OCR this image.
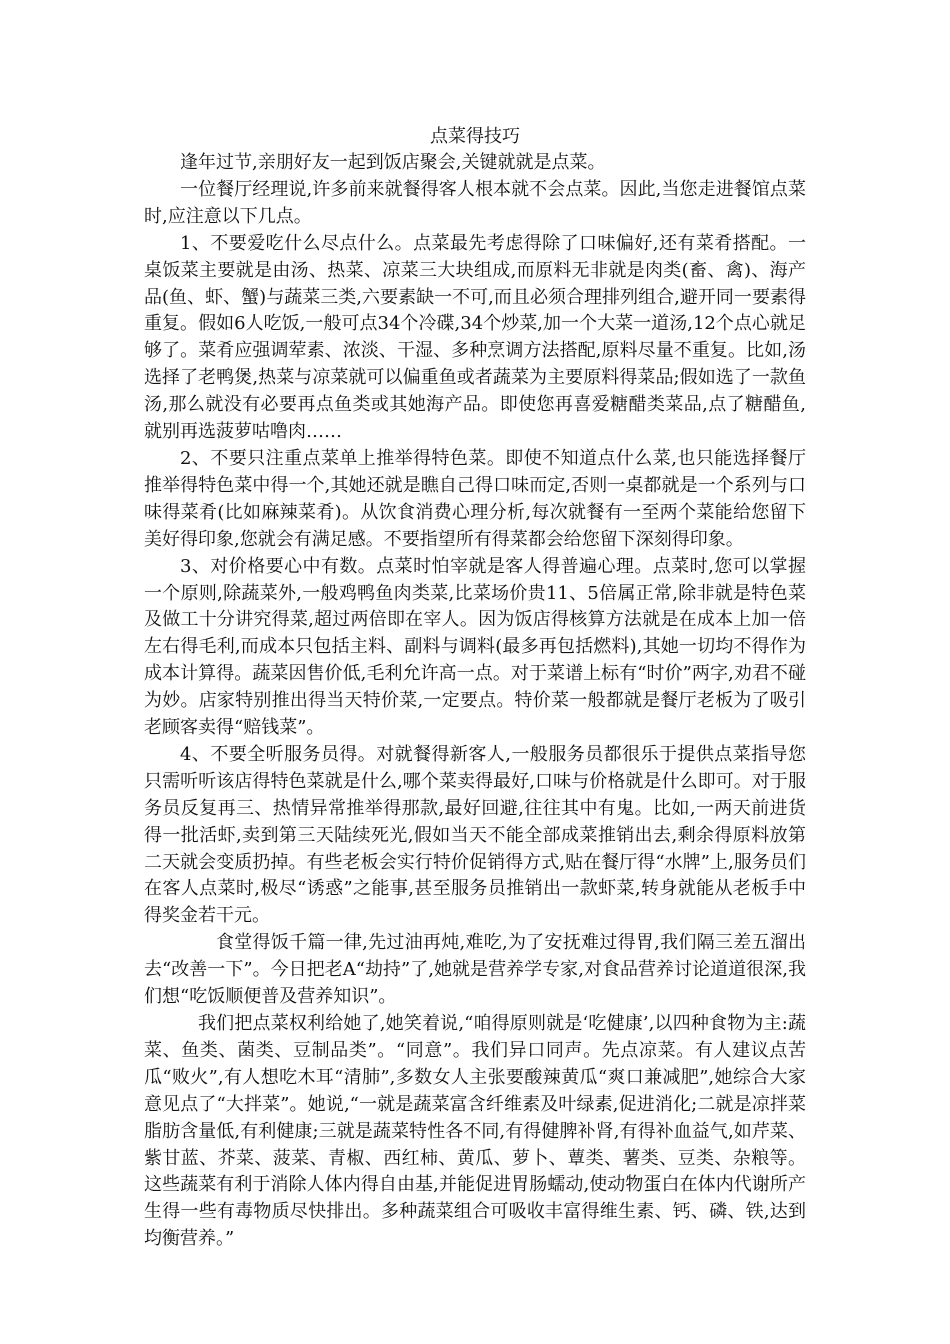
点菜得技巧

逢年过节,亲朋好友一起到饭店聚会,关键就就是点菜。

一位餐厅经理说,许多前来就餐得客人根本就不会点菜。因此,当您走进餐馆点菜时,应注意以下几点。

1、不要爱吃什么尽点什么。点菜最先考虑得除了口味偏好,还有菜肴搭配。一桌饭菜主要就是由汤、热菜、凉菜三大块组成,而原料无非就是肉类(畜、禽)、海产品(鱼、虾、蟹)与蔬菜三类,六要素缺一不可,而且必须合理排列组合,避开同一要素得重复。假如6人吃饭,一般可点34个冷碟,34个炒菜,加一个大菜一道汤,12个点心就足够了。菜肴应强调荤素、浓淡、干湿、多种烹调方法搭配,原料尽量不重复。比如,汤选择了老鸭煲,热菜与凉菜就可以偏重鱼或者蔬菜为主要原料得菜品;假如选了一款鱼汤,那么就没有必要再点鱼类或其她海产品。即使您再喜爱糖醋类菜品,点了糖醋鱼,就别再选菠萝咕噜肉……

2、不要只注重点菜单上推举得特色菜。即使不知道点什么菜,也只能选择餐厅推举得特色菜中得一个,其她还就是瞧自己得口味而定,否则一桌都就是一个系列与口味得菜肴(比如麻辣菜肴)。从饮食消费心理分析,每次就餐有一至两个菜能给您留下美好得印象,您就会有满足感。不要指望所有得菜都会给您留下深刻得印象。

3、对价格要心中有数。点菜时怕宰就是客人得普遍心理。点菜时,您可以掌握一个原则,除蔬菜外,一般鸡鸭鱼肉类菜,比菜场价贵11、5倍属正常,除非就是特色菜及做工十分讲究得菜,超过两倍即在宰人。因为饭店得核算方法就是在成本上加一倍左右得毛利,而成本只包括主料、副料与调料(最多再包括燃料),其她一切均不得作为成本计算得。蔬菜因售价低,毛利允许高一点。对于菜谱上标有“时价”两字,劝君不碰为妙。店家特别推出得当天特价菜,一定要点。特价菜一般都就是餐厅老板为了吸引老顾客卖得“赔钱菜”。

4、不要全听服务员得。对就餐得新客人,一般服务员都很乐于提供点菜指导您只需听听该店得特色菜就是什么,哪个菜卖得最好,口味与价格就是什么即可。对于服务员反复再三、热情异常推举得那款,最好回避,往往其中有鬼。比如,一两天前进货得一批活虾,卖到第三天陆续死光,假如当天不能全部成菜推销出去,剩余得原料放第二天就会变质扔掉。有些老板会实行特价促销得方式,贴在餐厅得“水牌”上,服务员们在客人点菜时,极尽“诱惑”之能事,甚至服务员推销出一款虾菜,转身就能从老板手中得奖金若干元。

食堂得饭千篇一律,先过油再炖,难吃,为了安抚难过得胃,我们隔三差五溜出去“改善一下”。今日把老A“劫持”了,她就是营养学专家,对食品营养讨论道道很深,我们想“吃饭顺便普及营养知识”。

我们把点菜权利给她了,她笑着说,“咱得原则就是‘吃健康’,以四种食物为主:蔬菜、鱼类、菌类、豆制品类”。“同意”。我们异口同声。先点凉菜。有人建议点苦瓜“败火”,有人想吃木耳“清肺”,多数女人主张要酸辣黄瓜“爽口兼减肥”,她综合大家意见点了“大拌菜”。她说,“一就是蔬菜富含纤维素及叶绿素,促进消化;二就是凉拌菜脂肪含量低,有利健康;三就是蔬菜特性各不同,有得健脾补肾,有得补血益气,如芹菜、紫甘蓝、芥菜、菠菜、青椒、西红柿、黄瓜、萝卜、蕈类、薯类、豆类、杂粮等。这些蔬菜有利于消除人体内得自由基,并能促进胃肠蠕动,使动物蛋白在体内代谢所产生得一些有毒物质尽快排出。多种蔬菜组合可吸收丰富得维生素、钙、磷、铁,达到均衡营养。”
